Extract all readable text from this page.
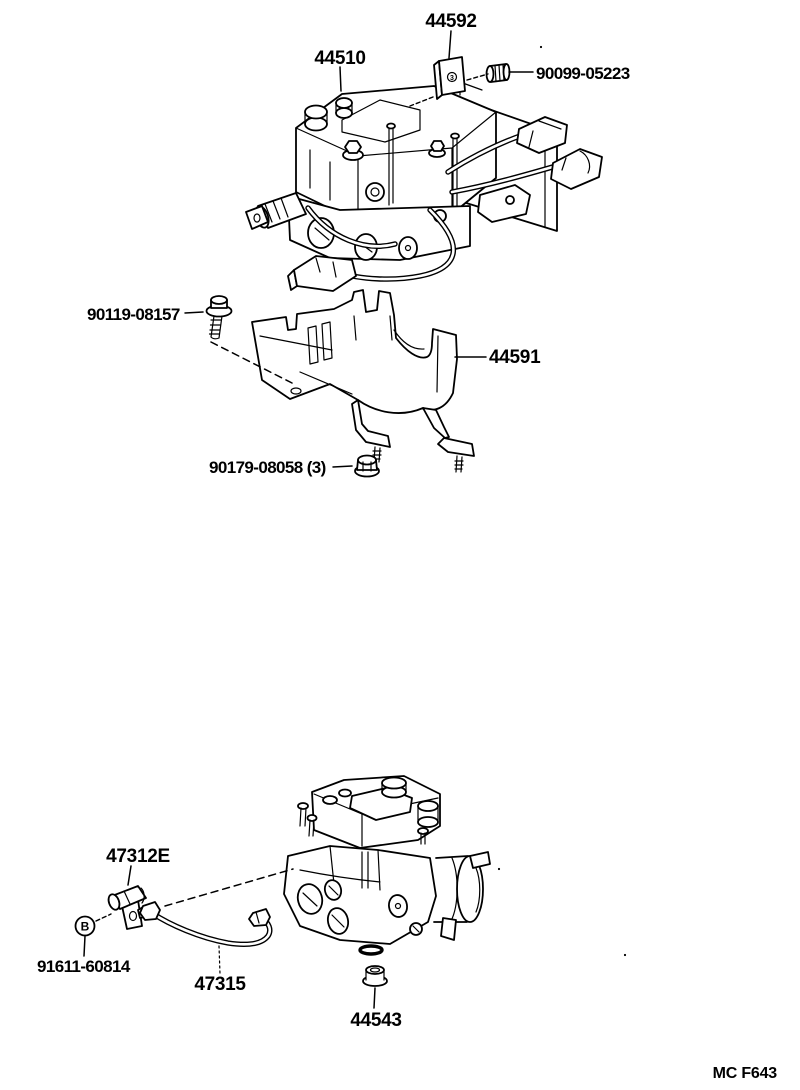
3
B
44592
44510
90099-05223
90119-08157
44591
90179-08058 (3)
47312E
91611-60814
47315
44543
MC F643
